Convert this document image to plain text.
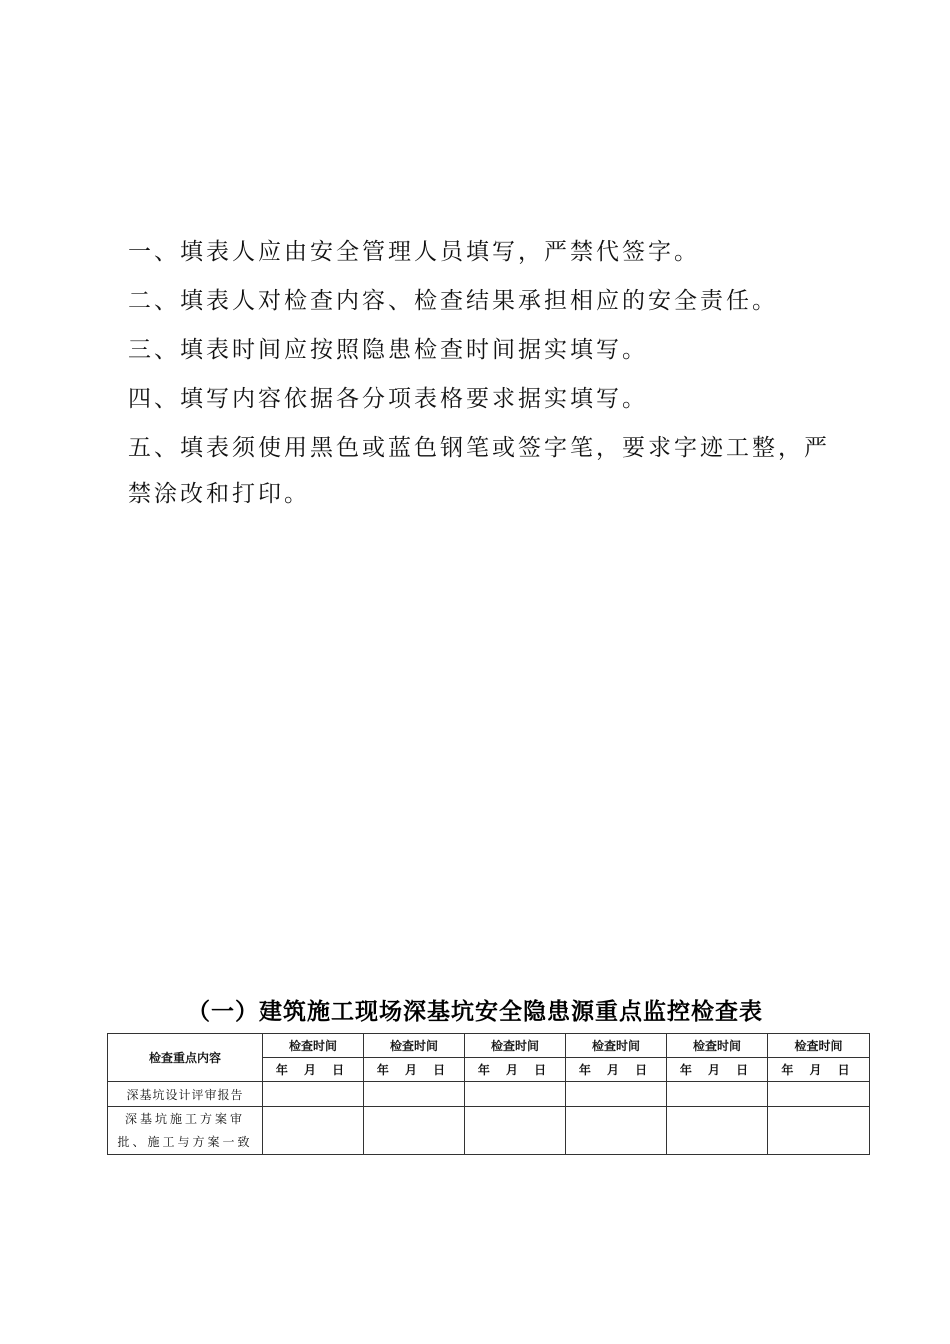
一、填表人应由安全管理人员填写，严禁代签字。
二、填表人对检查内容、检查结果承担相应的安全责任。
三、填表时间应按照隐患检查时间据实填写。
四、填写内容依据各分项表格要求据实填写。
五、填表须使用黑色或蓝色钢笔或签字笔，要求字迹工整，严
禁涂改和打印。
（一）建筑施工现场深基坑安全隐患源重点监控检查表
检查重点内容	检查时间	检查时间	检查时间	检查时间	检查时间	检查时间
	年 月 日	年 月 日	年 月 日	年 月 日	年 月 日	年 月 日
深基坑设计评审报告						

深基坑施工方案审
批、施工与方案一致						
